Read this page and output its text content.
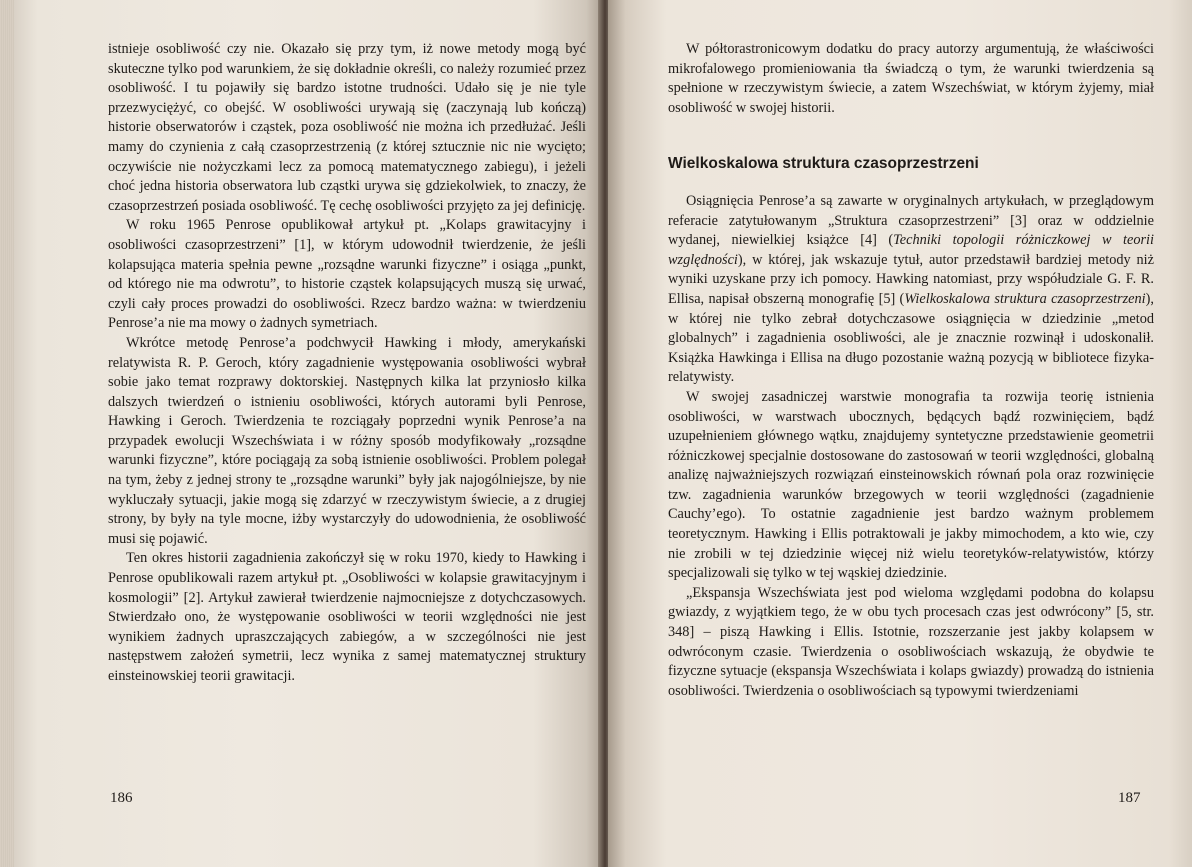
istnieje osobliwość czy nie. Okazało się przy tym, iż nowe metody mogą być skuteczne tylko pod warunkiem, że się dokładnie określi, co należy rozumieć przez osobliwość. I tu pojawiły się bardzo istotne trudności. Udało się je nie tyle przezwyciężyć, co obejść. W osobliwości urywają się (zaczynają lub kończą) historie obserwatorów i cząstek, poza osobliwość nie można ich przedłużać. Jeśli mamy do czynienia z całą czasoprzestrzenią (z której sztucznie nic nie wycięto; oczywiście nie nożyczkami lecz za pomocą matematycznego zabiegu), i jeżeli choć jedna historia obserwatora lub cząstki urywa się gdziekolwiek, to znaczy, że czasoprzestrzeń posiada osobliwość. Tę cechę osobliwości przyjęto za jej definicję.

W roku 1965 Penrose opublikował artykuł pt. „Kolaps grawitacyjny i osobliwości czasoprzestrzeni” [1], w którym udowodnił twierdzenie, że jeśli kolapsująca materia spełnia pewne „rozsądne warunki fizyczne” i osiąga „punkt, od którego nie ma odwrotu”, to historie cząstek kolapsujących muszą się urwać, czyli cały proces prowadzi do osobliwości. Rzecz bardzo ważna: w twierdzeniu Penrose’a nie ma mowy o żadnych symetriach.

Wkrótce metodę Penrose’a podchwycił Hawking i młody, amerykański relatywista R. P. Geroch, który zagadnienie występowania osobliwości wybrał sobie jako temat rozprawy doktorskiej. Następnych kilka lat przyniosło kilka dalszych twierdzeń o istnieniu osobliwości, których autorami byli Penrose, Hawking i Geroch. Twierdzenia te rozciągały poprzedni wynik Penrose’a na przypadek ewolucji Wszechświata i w różny sposób modyfikowały „rozsądne warunki fizyczne”, które pociągają za sobą istnienie osobliwości. Problem polegał na tym, żeby z jednej strony te „rozsądne warunki” były jak najogólniejsze, by nie wykluczały sytuacji, jakie mogą się zdarzyć w rzeczywistym świecie, a z drugiej strony, by były na tyle mocne, iżby wystarczyły do udowodnienia, że osobliwość musi się pojawić.

Ten okres historii zagadnienia zakończył się w roku 1970, kiedy to Hawking i Penrose opublikowali razem artykuł pt. „Osobliwości w kolapsie grawitacyjnym i kosmologii” [2]. Artykuł zawierał twierdzenie najmocniejsze z dotychczasowych. Stwierdzało ono, że występowanie osobliwości w teorii względności nie jest wynikiem żadnych upraszczających zabiegów, a w szczególności nie jest następstwem założeń symetrii, lecz wynika z samej matematycznej struktury einsteinowskiej teorii grawitacji.

186

W półtorastronicowym dodatku do pracy autorzy argumentują, że właściwości mikrofalowego promieniowania tła świadczą o tym, że warunki twierdzenia są spełnione w rzeczywistym świecie, a zatem Wszechświat, w którym żyjemy, miał osobliwość w swojej historii.

Wielkoskalowa struktura czasoprzestrzeni

Osiągnięcia Penrose’a są zawarte w oryginalnych artykułach, w przeglądowym referacie zatytułowanym „Struktura czasoprzestrzeni” [3] oraz w oddzielnie wydanej, niewielkiej książce [4] (Techniki topologii różniczkowej w teorii względności), w której, jak wskazuje tytuł, autor przedstawił bardziej metody niż wyniki uzyskane przy ich pomocy. Hawking natomiast, przy współudziale G. F. R. Ellisa, napisał obszerną monografię [5] (Wielkoskalowa struktura czasoprzestrzeni), w której nie tylko zebrał dotychczasowe osiągnięcia w dziedzinie „metod globalnych” i zagadnienia osobliwości, ale je znacznie rozwinął i udoskonalił. Książka Hawkinga i Ellisa na długo pozostanie ważną pozycją w bibliotece fizyka-relatywisty.

W swojej zasadniczej warstwie monografia ta rozwija teorię istnienia osobliwości, w warstwach ubocznych, będących bądź rozwinięciem, bądź uzupełnieniem głównego wątku, znajdujemy syntetyczne przedstawienie geometrii różniczkowej specjalnie dostosowane do zastosowań w teorii względności, globalną analizę najważniejszych rozwiązań einsteinowskich równań pola oraz rozwinięcie tzw. zagadnienia warunków brzegowych w teorii względności (zagadnienie Cauchy’ego). To ostatnie zagadnienie jest bardzo ważnym problemem teoretycznym. Hawking i Ellis potraktowali je jakby mimochodem, a kto wie, czy nie zrobili w tej dziedzinie więcej niż wielu teoretyków-relatywistów, którzy specjalizowali się tylko w tej wąskiej dziedzinie.

„Ekspansja Wszechświata jest pod wieloma względami podobna do kolapsu gwiazdy, z wyjątkiem tego, że w obu tych procesach czas jest odwrócony” [5, str. 348] – piszą Hawking i Ellis. Istotnie, rozszerzanie jest jakby kolapsem w odwróconym czasie. Twierdzenia o osobliwościach wskazują, że obydwie te fizyczne sytuacje (ekspansja Wszechświata i kolaps gwiazdy) prowadzą do istnienia osobliwości. Twierdzenia o osobliwościach są typowymi twierdzeniami

187
